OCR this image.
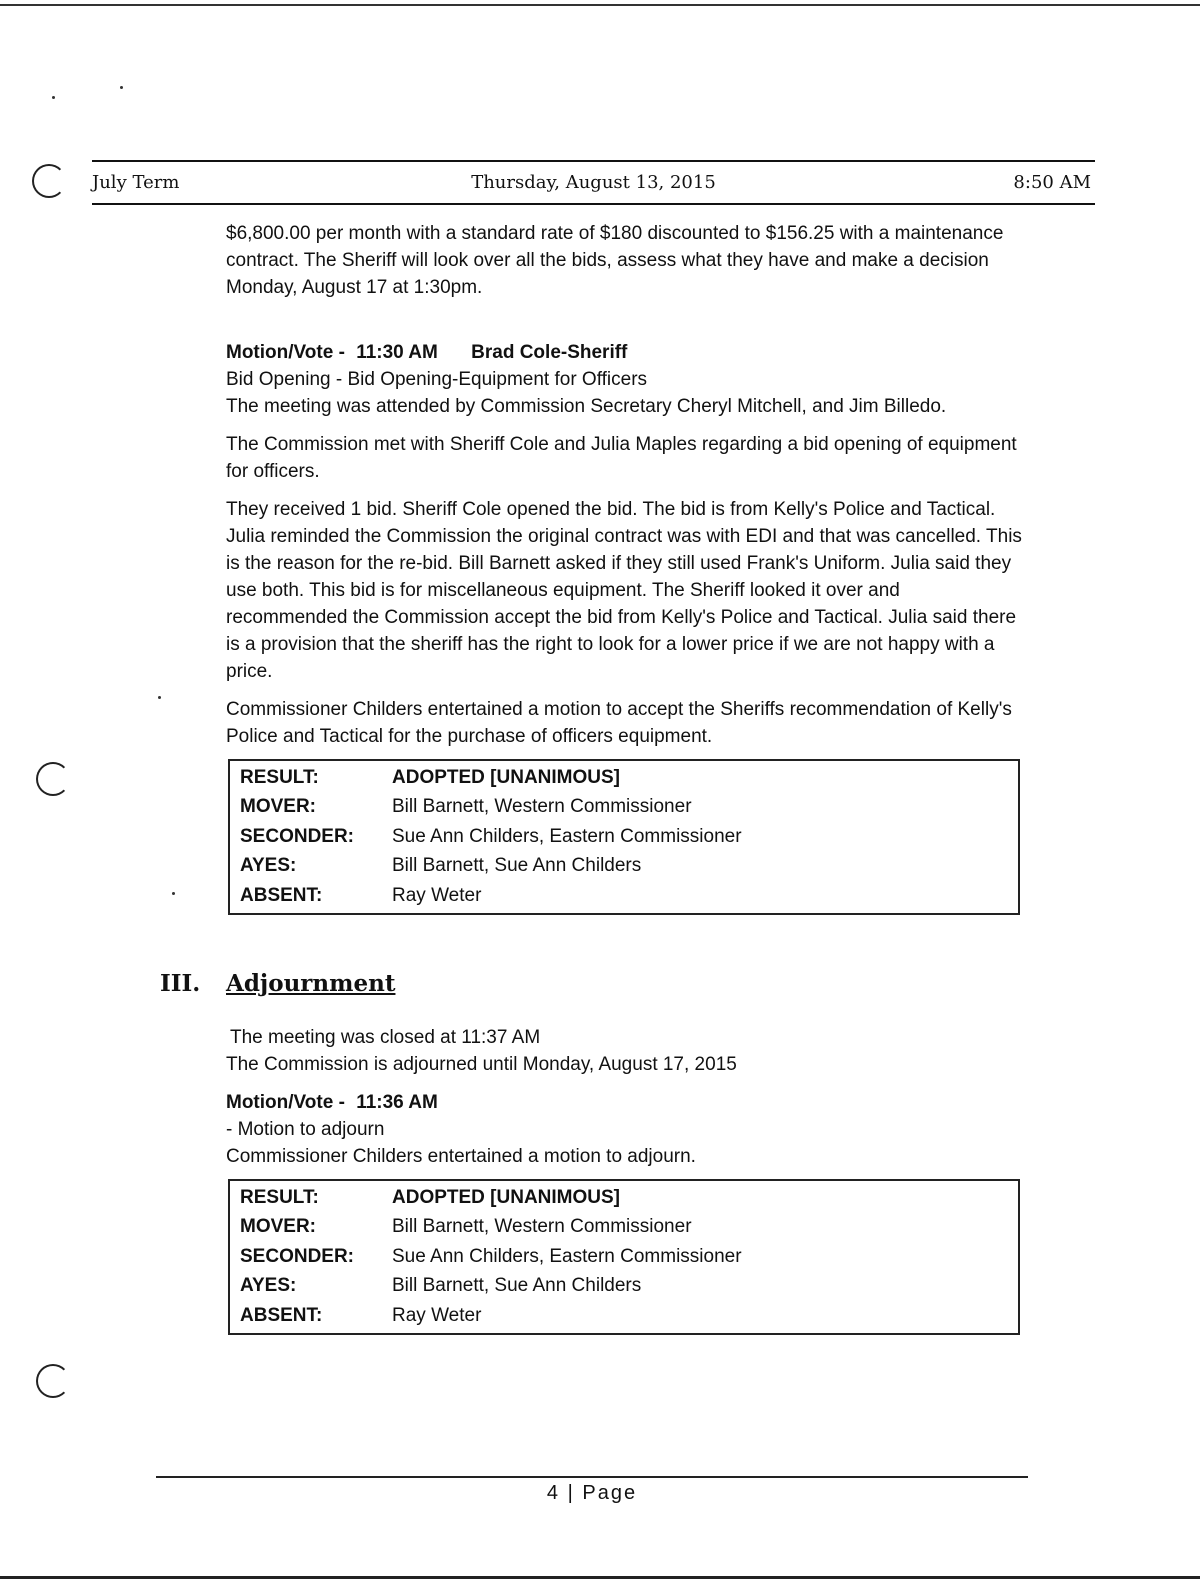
July Term	Thursday, August 13, 2015	8:50 AM

$6,800.00 per month with a standard rate of $180 discounted to $156.25 with a maintenance contract. The Sheriff will look over all the bids, assess what they have and make a decision Monday, August 17 at 1:30pm.

Motion/Vote - 11:30 AM Brad Cole-Sheriff

Bid Opening - Bid Opening-Equipment for Officers

The meeting was attended by Commission Secretary Cheryl Mitchell, and Jim Billedo.

The Commission met with Sheriff Cole and Julia Maples regarding a bid opening of equipment for officers.

They received 1 bid. Sheriff Cole opened the bid. The bid is from Kelly's Police and Tactical. Julia reminded the Commission the original contract was with EDI and that was cancelled. This is the reason for the re-bid. Bill Barnett asked if they still used Frank's Uniform. Julia said they use both. This bid is for miscellaneous equipment. The Sheriff looked it over and recommended the Commission accept the bid from Kelly's Police and Tactical. Julia said there is a provision that the sheriff has the right to look for a lower price if we are not happy with a price.

Commissioner Childers entertained a motion to accept the Sheriffs recommendation of Kelly's Police and Tactical for the purchase of officers equipment.

RESULT:	ADOPTED [UNANIMOUS]
MOVER:	Bill Barnett, Western Commissioner
SECONDER:	Sue Ann Childers, Eastern Commissioner
AYES:	Bill Barnett, Sue Ann Childers
ABSENT:	Ray Weter
III. Adjournment

The meeting was closed at 11:37 AM

The Commission is adjourned until Monday, August 17, 2015

Motion/Vote - 11:36 AM

- Motion to adjourn

Commissioner Childers entertained a motion to adjourn.

RESULT:	ADOPTED [UNANIMOUS]
MOVER:	Bill Barnett, Western Commissioner
SECONDER:	Sue Ann Childers, Eastern Commissioner
AYES:	Bill Barnett, Sue Ann Childers
ABSENT:	Ray Weter
4 | Page
